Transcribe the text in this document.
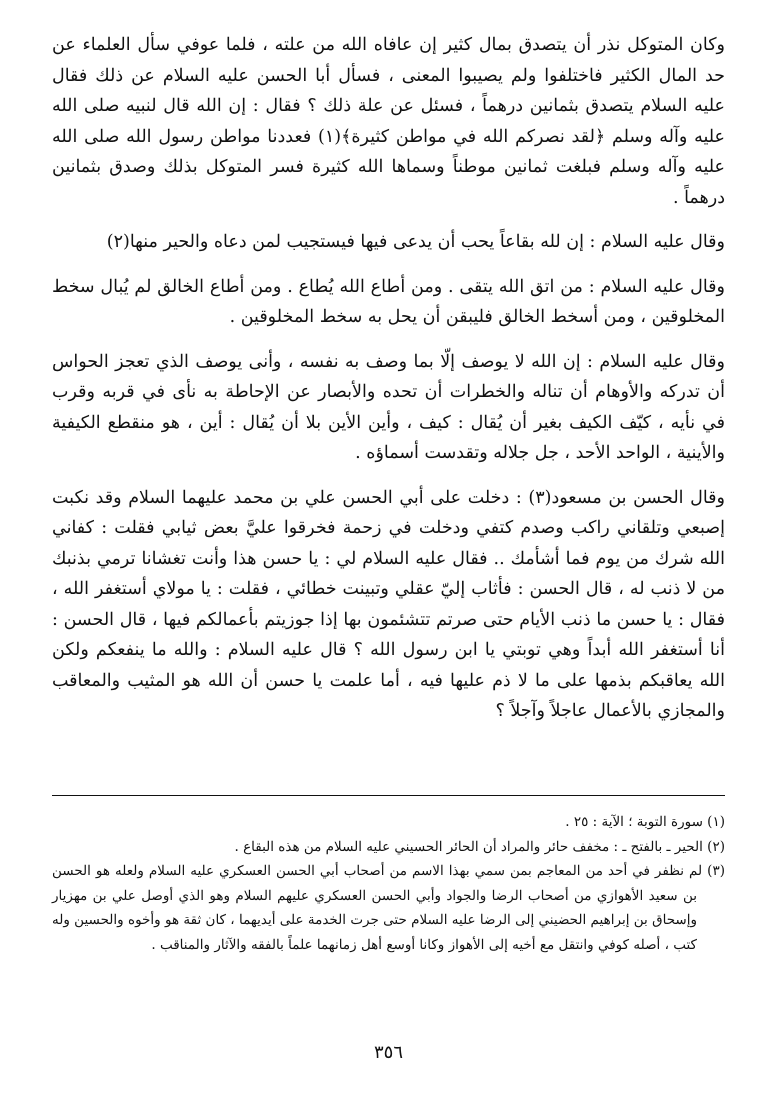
وكان المتوكل نذر أن يتصدق بمال كثير إن عافاه الله من علته ، فلما عوفي سأل العلماء عن حد المال الكثير فاختلفوا ولم يصيبوا المعنى ، فسأل أبا الحسن عليه السلام عن ذلك فقال عليه السلام يتصدق بثمانين درهماً ، فسئل عن علة ذلك ؟ فقال : إن الله قال لنبيه صلى الله عليه وآله وسلم ﴿لقد نصركم الله في مواطن كثيرة﴾(١) فعددنا مواطن رسول الله صلى الله عليه وآله وسلم فبلغت ثمانين موطناً وسماها الله كثيرة فسر المتوكل بذلك وصدق بثمانين درهماً .

وقال عليه السلام : إن لله بقاعاً يحب أن يدعى فيها فيستجيب لمن دعاه والحير منها(٢)

وقال عليه السلام : من اتق الله يتقى . ومن أطاع الله يُطاع . ومن أطاع الخالق لم يُبال سخط المخلوقين ، ومن أسخط الخالق فليبقن أن يحل به سخط المخلوقين .

وقال عليه السلام : إن الله لا يوصف إلّا بما وصف به نفسه ، وأنى يوصف الذي تعجز الحواس أن تدركه والأوهام أن تناله والخطرات أن تحده والأبصار عن الإحاطة به نأى في قربه وقرب في نأيه ، كيّف الكيف بغير أن يُقال : كيف ، وأين الأين بلا أن يُقال : أين ، هو منقطع الكيفية والأينية ، الواحد الأحد ، جل جلاله وتقدست أسماؤه .

وقال الحسن بن مسعود(٣) : دخلت على أبي الحسن علي بن محمد عليهما السلام وقد نكبت إصبعي وتلقاني راكب وصدم كتفي ودخلت في زحمة فخرقوا عليَّ بعض ثيابي فقلت : كفاني الله شرك من يوم فما أشأمك .. فقال عليه السلام لي : يا حسن هذا وأنت تغشانا ترمي بذنبك من لا ذنب له ، قال الحسن : فأثاب إليّ عقلي وتبينت خطائي ، فقلت : يا مولاي أستغفر الله ، فقال : يا حسن ما ذنب الأيام حتى صرتم تتشئمون بها إذا جوزيتم بأعمالكم فيها ، قال الحسن : أنا أستغفر الله أبداً وهي توبتي يا ابن رسول الله ؟ قال عليه السلام : والله ما ينفعكم ولكن الله يعاقبكم بذمها على ما لا ذم عليها فيه ، أما علمت يا حسن أن الله هو المثيب والمعاقب والمجازي بالأعمال عاجلاً وآجلاً ؟

(١) سورة التوبة ؛ الآية : ٢٥ .

(٢) الحير ـ بالفتح ـ : مخفف حائر والمراد أن الحائر الحسيني عليه السلام من هذه البقاع .

(٣) لم نظفر في أحد من المعاجم بمن سمي بهذا الاسم من أصحاب أبي الحسن العسكري عليه السلام ولعله هو الحسن بن سعيد الأهوازي من أصحاب الرضا والجواد وأبي الحسن العسكري عليهم السلام وهو الذي أوصل علي بن مهزيار وإسحاق بن إبراهيم الحضيني إلى الرضا عليه السلام حتى جرت الخدمة على أيديهما ، كان ثقة هو وأخوه والحسين وله كتب ، أصله كوفي وانتقل مع أخيه إلى الأهواز وكانا أوسع أهل زمانهما علماً بالفقه والآثار والمناقب .

٣٥٦
